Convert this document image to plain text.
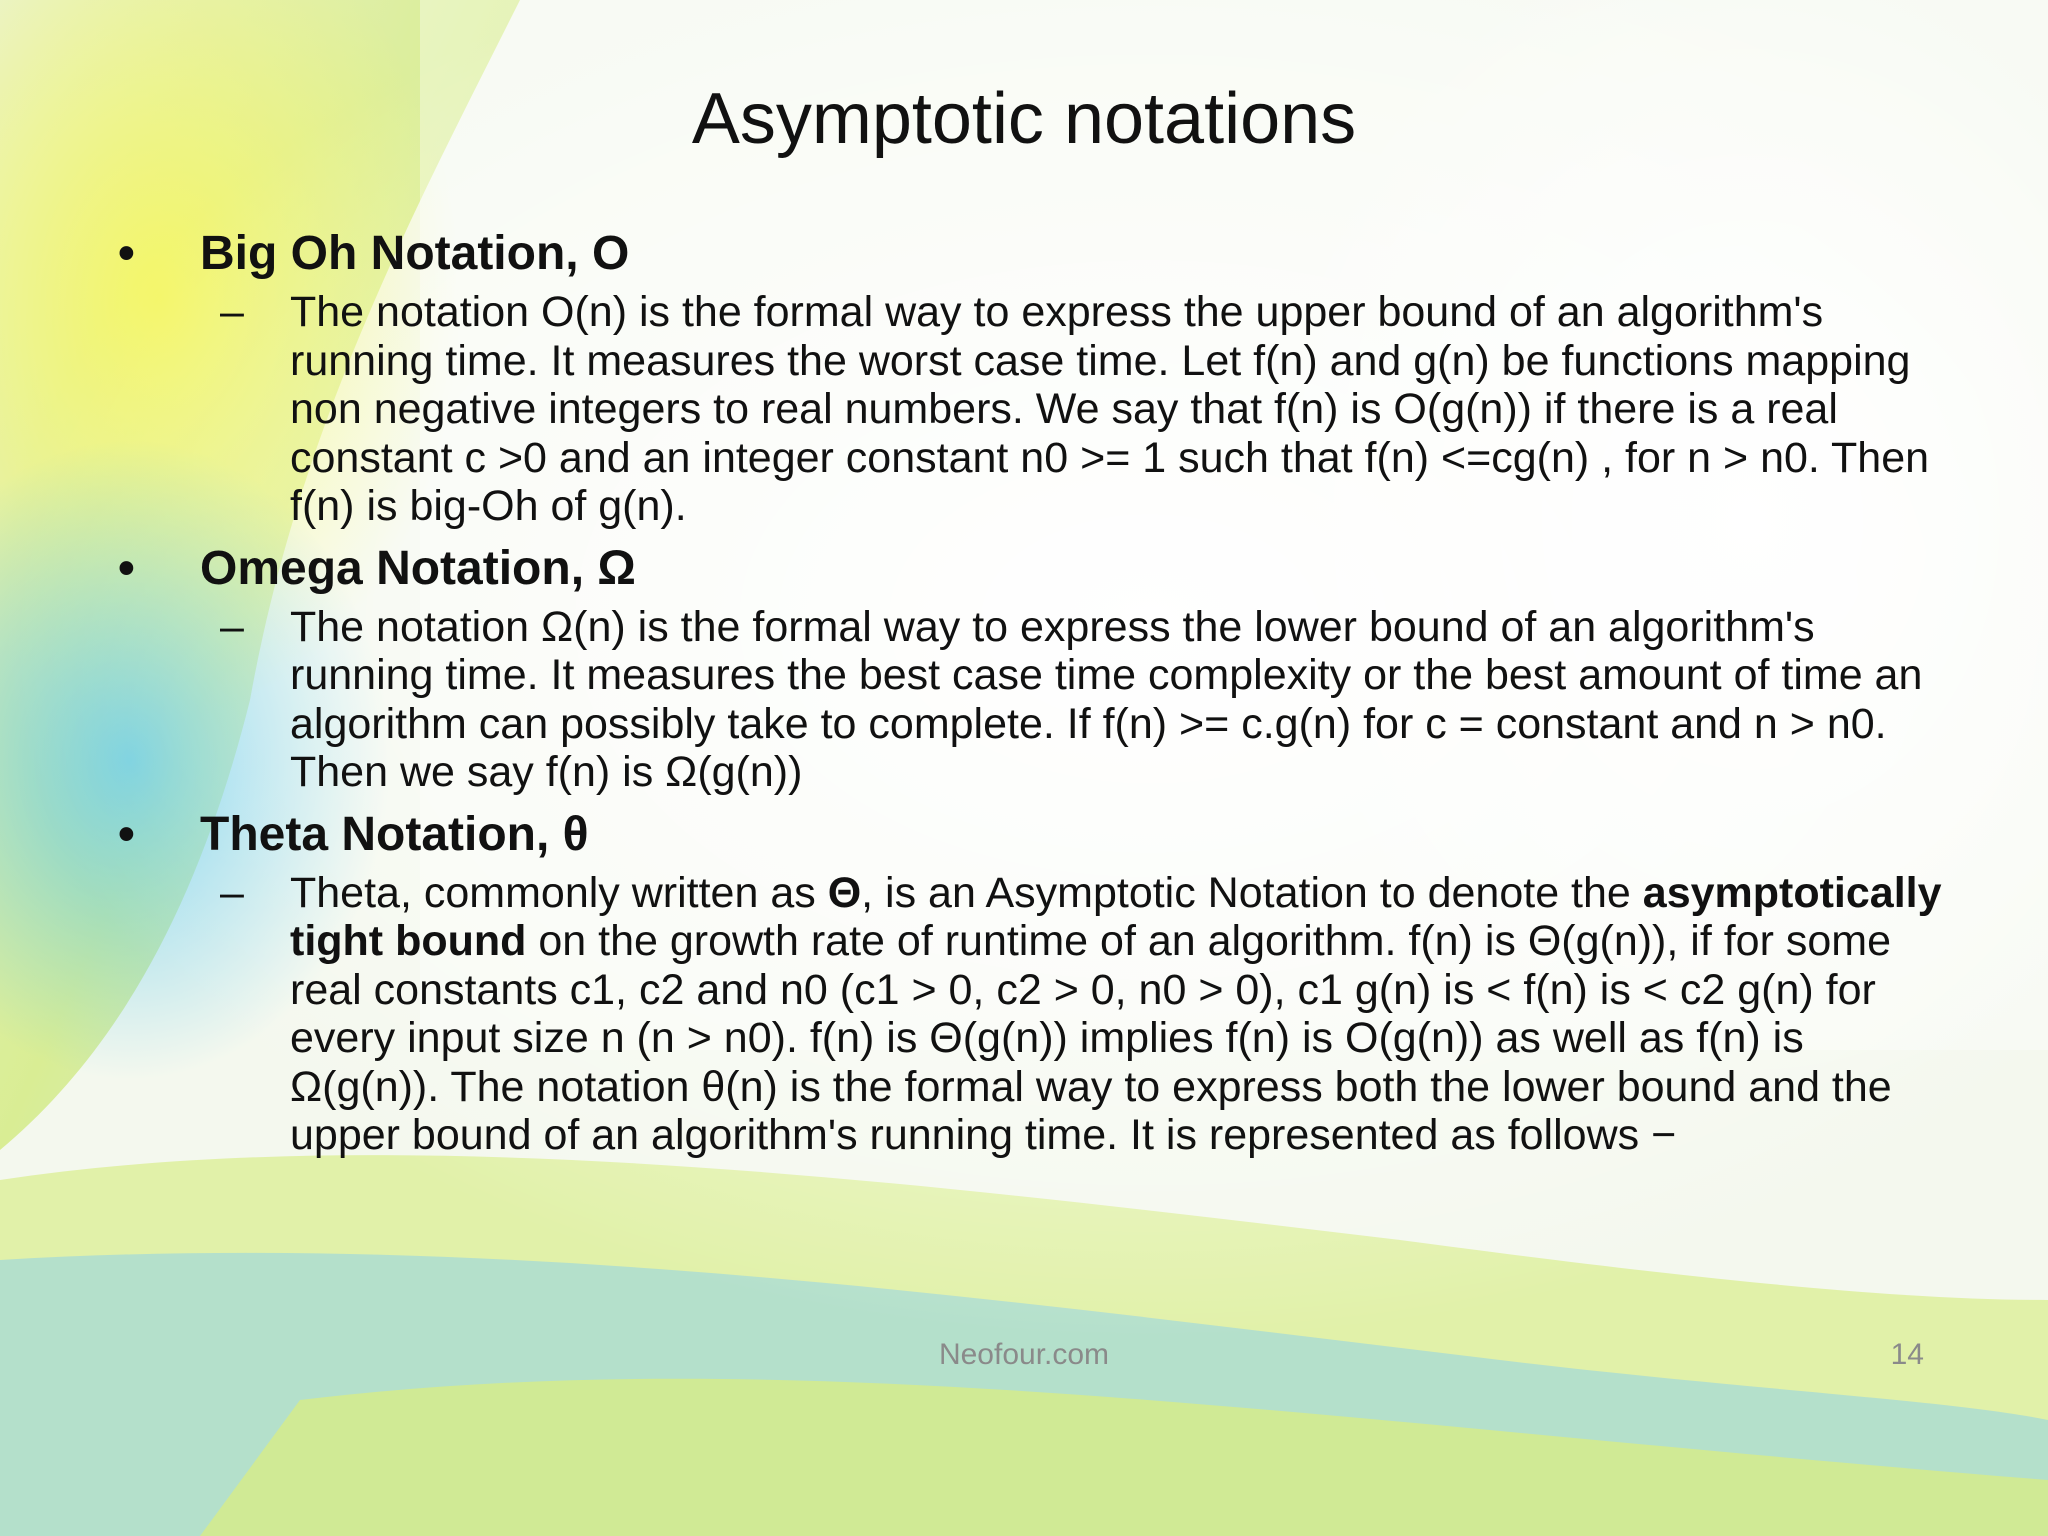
Asymptotic notations
• Big Oh Notation, O
– The notation O(n) is the formal way to express the upper bound of an algorithm's running time. It measures the worst case time. Let f(n) and g(n) be functions mapping non negative integers to real numbers. We say that f(n) is O(g(n)) if there is a real constant c >0 and an integer constant n0 >= 1 such that f(n) <=cg(n) , for n > n0. Then f(n) is big-Oh of g(n).
• Omega Notation, Ω
– The notation Ω(n) is the formal way to express the lower bound of an algorithm's running time. It measures the best case time complexity or the best amount of time an algorithm can possibly take to complete. If f(n) >= c.g(n) for c = constant and n > n0. Then we say f(n) is Ω(g(n))
• Theta Notation, θ
– Theta, commonly written as Θ, is an Asymptotic Notation to denote the asymptotically tight bound on the growth rate of runtime of an algorithm. f(n) is Θ(g(n)), if for some real constants c1, c2 and n0 (c1 > 0, c2 > 0, n0 > 0), c1 g(n) is < f(n) is < c2 g(n) for every input size n (n > n0). f(n) is Θ(g(n)) implies f(n) is O(g(n)) as well as f(n) is Ω(g(n)). The notation θ(n) is the formal way to express both the lower bound and the upper bound of an algorithm's running time. It is represented as follows −
Neofour.com	14
